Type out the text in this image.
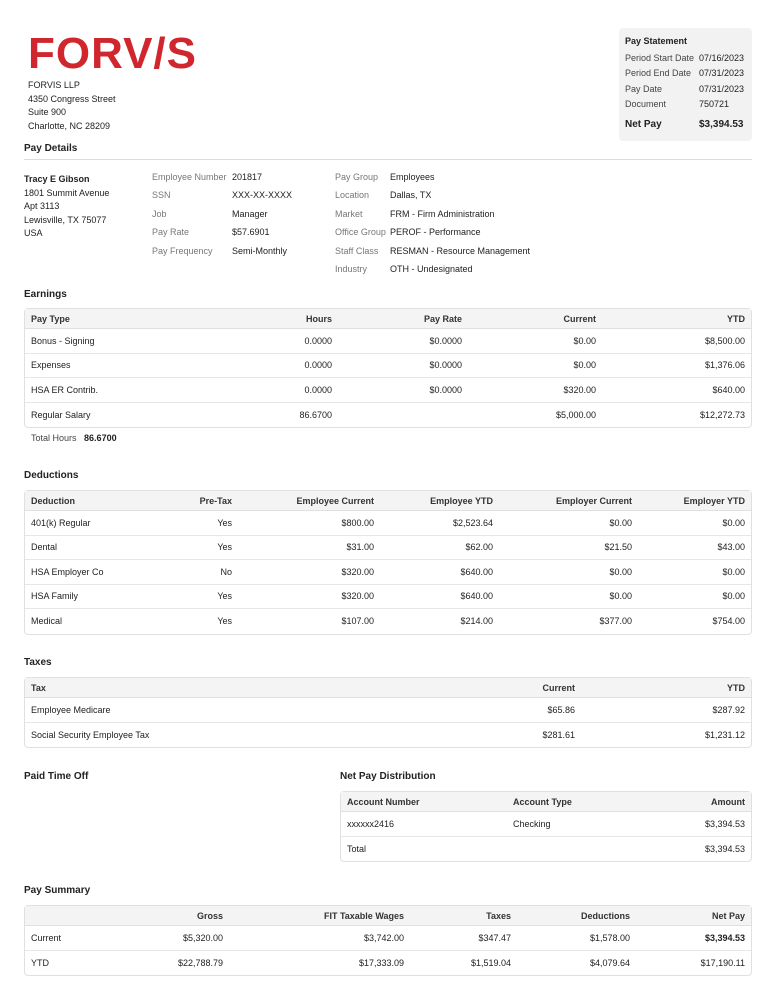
FORV/S
FORVIS LLP
4350 Congress Street
Suite 900
Charlotte, NC 28209
Pay Statement
Period Start Date 07/16/2023
Period End Date 07/31/2023
Pay Date	07/31/2023
Document	750721
Net Pay	$3,394.53
Pay Details
Tracy E Gibson
1801 Summit Avenue
Apt 3113
Lewisville, TX 75077
USA
Employee Number 201817
SSN	XXX-XX-XXXX
Job	Manager
Pay Rate	$57.6901
Pay Frequency	Semi-Monthly
Pay Group	Employees
Location	Dallas, TX
Market	FRM - Firm Administration
Office Group PEROF - Performance
Staff Class	RESMAN - Resource Management
Industry	OTH - Undesignated
Earnings
Pay Type	Hours	Pay Rate	Current	YTD
Bonus - Signing	0.0000	$0.0000	$0.00	$8,500.00
Expenses	0.0000	$0.0000	$0.00	$1,376.06
HSA ER Contrib.	0.0000	$0.0000	$320.00	$640.00
Regular Salary	86.6700		$5,000.00	$12,272.73
Total Hours 86.6700
Deductions
Deduction	Pre-Tax	Employee Current	Employee YTD	Employer Current	Employer YTD
401(k) Regular	Yes	$800.00	$2,523.64	$0.00	$0.00
Dental	Yes	$31.00	$62.00	$21.50	$43.00
HSA Employer Co	No	$320.00	$640.00	$0.00	$0.00
HSA Family	Yes	$320.00	$640.00	$0.00	$0.00
Medical	Yes	$107.00	$214.00	$377.00	$754.00
Taxes
Tax	Current	YTD
Employee Medicare	$65.86	$287.92
Social Security Employee Tax	$281.61	$1,231.12
Paid Time Off	Net Pay Distribution
Account Number	Account Type	Amount
xxxxxx2416	Checking	$3,394.53
Total		$3,394.53
Pay Summary
	Gross	FIT Taxable Wages	Taxes	Deductions	Net Pay
Current	$5,320.00	$3,742.00	$347.47	$1,578.00	$3,394.53
YTD	$22,788.79	$17,333.09	$1,519.04	$4,079.64	$17,190.11
